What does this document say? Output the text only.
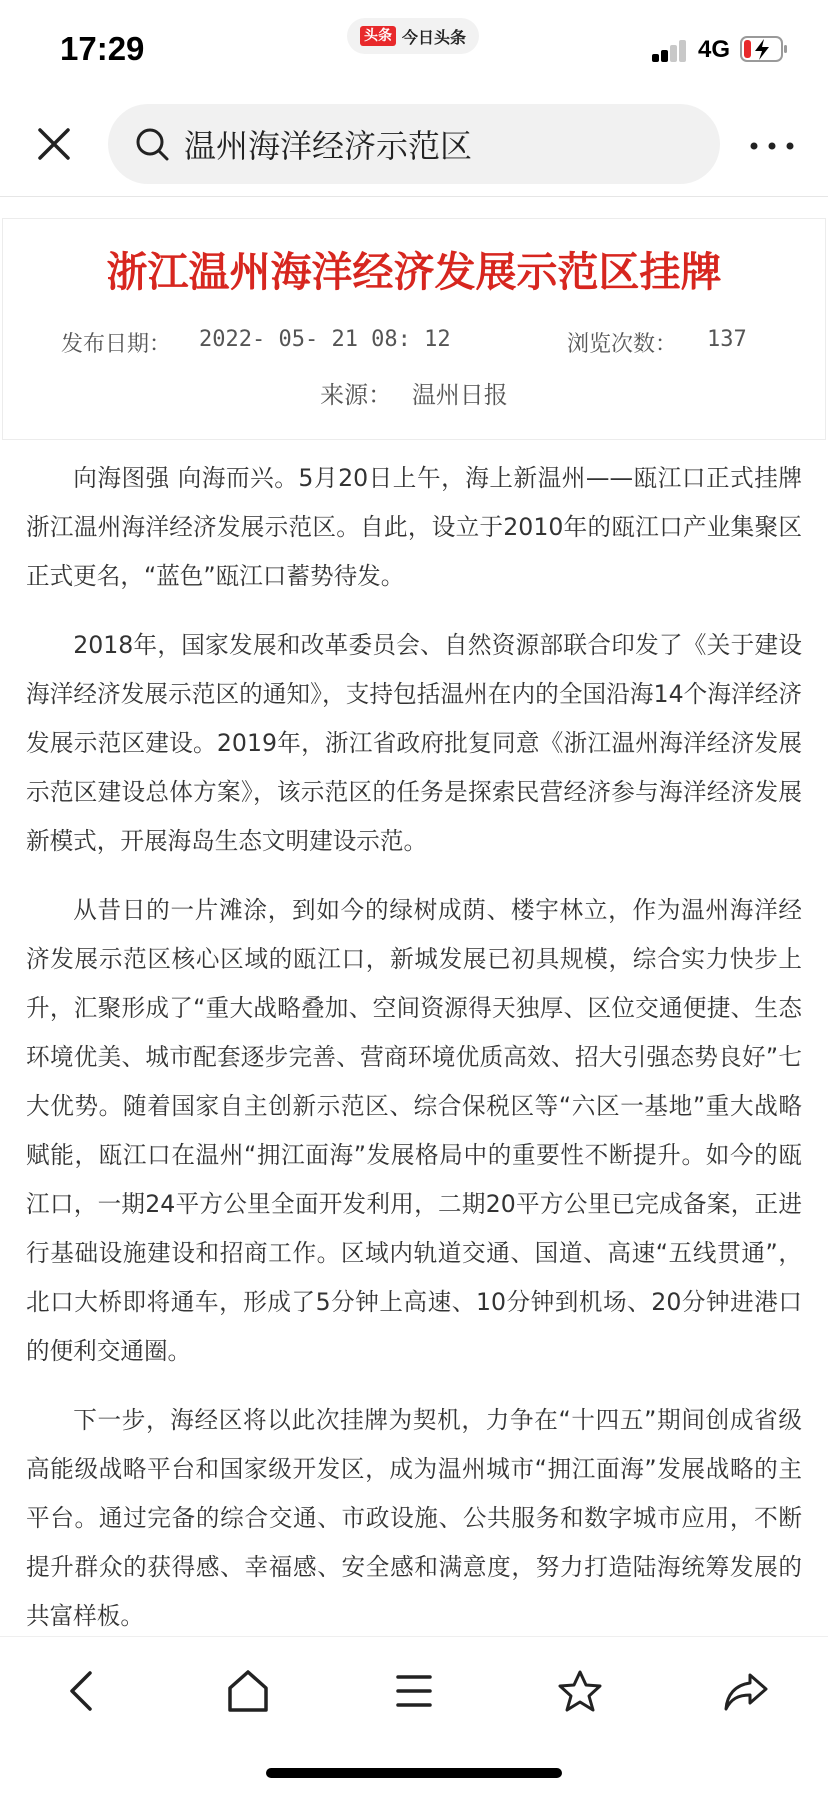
17:29	头条 今日头条	4G
温州海洋经济示范区
浙江温州海洋经济发展示范区挂牌
发布日期： 2022- 05- 21 08: 12	浏览次数： 137
来源： 温州日报

向海图强 向海而兴。5月20日上午，海上新温州——瓯江口正式挂牌浙江温州海洋经济发展示范区。自此，设立于2010年的瓯江口产业集聚区正式更名，“蓝色”瓯江口蓄势待发。

2018年，国家发展和改革委员会、自然资源部联合印发了《关于建设海洋经济发展示范区的通知》，支持包括温州在内的全国沿海14个海洋经济发展示范区建设。2019年，浙江省政府批复同意《浙江温州海洋经济发展示范区建设总体方案》，该示范区的任务是探索民营经济参与海洋经济发展新模式，开展海岛生态文明建设示范。

从昔日的一片滩涂，到如今的绿树成荫、楼宇林立，作为温州海洋经济发展示范区核心区域的瓯江口，新城发展已初具规模，综合实力快步上升，汇聚形成了“重大战略叠加、空间资源得天独厚、区位交通便捷、生态环境优美、城市配套逐步完善、营商环境优质高效、招大引强态势良好”七大优势。随着国家自主创新示范区、综合保税区等“六区一基地”重大战略赋能，瓯江口在温州“拥江面海”发展格局中的重要性不断提升。如今的瓯江口，一期24平方公里全面开发利用，二期20平方公里已完成备案，正进行基础设施建设和招商工作。区域内轨道交通、国道、高速“五线贯通”，北口大桥即将通车，形成了5分钟上高速、10分钟到机场、20分钟进港口的便利交通圈。

下一步，海经区将以此次挂牌为契机，力争在“十四五”期间创成省级高能级战略平台和国家级开发区，成为温州城市“拥江面海”发展战略的主平台。通过完备的综合交通、市政设施、公共服务和数字城市应用，不断提升群众的获得感、幸福感、安全感和满意度，努力打造陆海统筹发展的共富样板。
